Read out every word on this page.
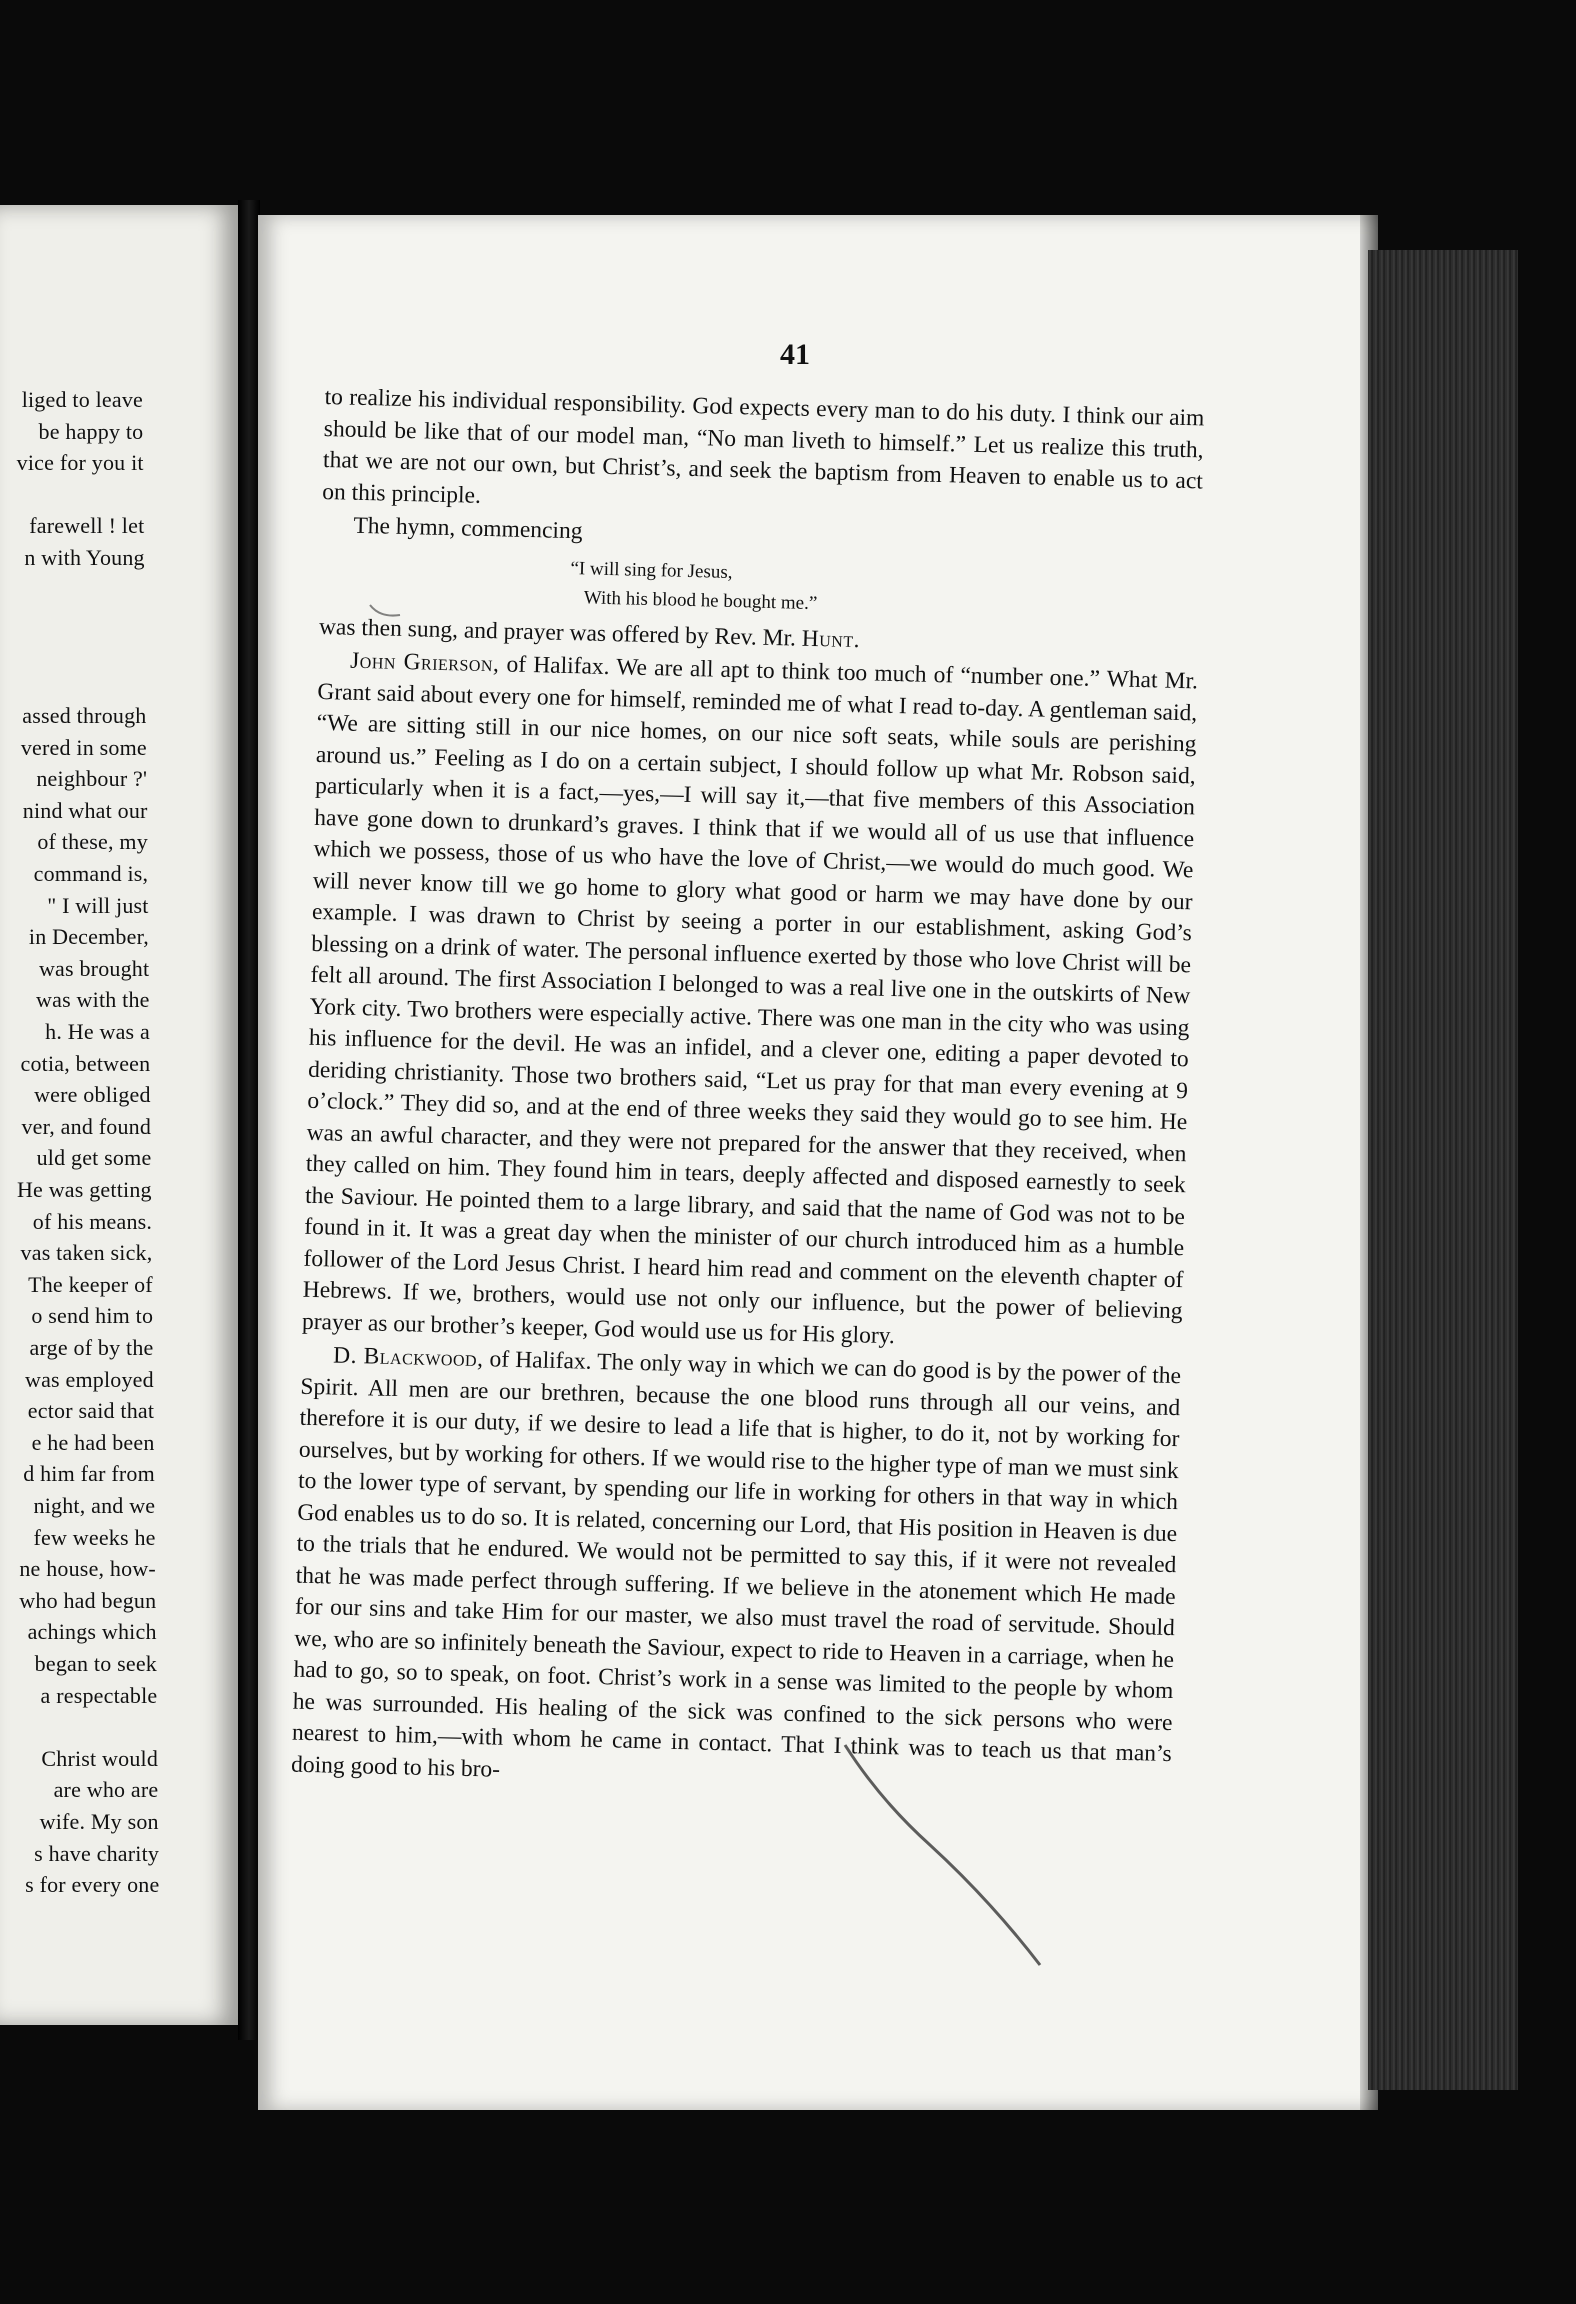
liged to leave
be happy to
vice for you it
farewell ! let
n with Young
assed through
vered in some
neighbour ?'
nind what our
of these, my
command is,
" I will just
in December,
was brought
was with the
h. He was a
cotia, between
were obliged
ver, and found
uld get some
He was getting
of his means.
vas taken sick,
The keeper of
o send him to
arge of by the
was employed
ector said that
e he had been
d him far from
night, and we
few weeks he
ne house, how-
who had begun
achings which
began to seek
a respectable
Christ would
are who are
wife. My son
s have charity
s for every one
41

to realize his individual responsibility. God expects every man to do his duty. I think our aim should be like that of our model man, “No man liveth to himself.” Let us realize this truth, that we are not our own, but Christ’s, and seek the baptism from Heaven to enable us to act on this principle.

The hymn, commencing

“I will sing for Jesus,
With his blood he bought me.”

was then sung, and prayer was offered by Rev. Mr. Hunt.

John Grierson, of Halifax. We are all apt to think too much of “number one.” What Mr. Grant said about every one for himself, reminded me of what I read to-day. A gentleman said, “We are sitting still in our nice homes, on our nice soft seats, while souls are perishing around us.” Feeling as I do on a certain subject, I should follow up what Mr. Robson said, particularly when it is a fact,—yes,—I will say it,—that five members of this Association have gone down to drunkard’s graves. I think that if we would all of us use that influence which we possess, those of us who have the love of Christ,—we would do much good. We will never know till we go home to glory what good or harm we may have done by our example. I was drawn to Christ by seeing a porter in our establishment, asking God’s blessing on a drink of water. The personal influence exerted by those who love Christ will be felt all around. The first Association I belonged to was a real live one in the outskirts of New York city. Two brothers were especially active. There was one man in the city who was using his influence for the devil. He was an infidel, and a clever one, editing a paper devoted to deriding christianity. Those two brothers said, “Let us pray for that man every evening at 9 o’clock.” They did so, and at the end of three weeks they said they would go to see him. He was an awful character, and they were not prepared for the answer that they received, when they called on him. They found him in tears, deeply affected and disposed earnestly to seek the Saviour. He pointed them to a large library, and said that the name of God was not to be found in it. It was a great day when the minister of our church introduced him as a humble follower of the Lord Jesus Christ. I heard him read and comment on the eleventh chapter of Hebrews. If we, brothers, would use not only our influence, but the power of believing prayer as our brother’s keeper, God would use us for His glory.

D. Blackwood, of Halifax. The only way in which we can do good is by the power of the Spirit. All men are our brethren, because the one blood runs through all our veins, and therefore it is our duty, if we desire to lead a life that is higher, to do it, not by working for ourselves, but by working for others. If we would rise to the higher type of man we must sink to the lower type of servant, by spending our life in working for others in that way in which God enables us to do so. It is related, concerning our Lord, that His position in Heaven is due to the trials that he endured. We would not be permitted to say this, if it were not revealed that he was made perfect through suffering. If we believe in the atonement which He made for our sins and take Him for our master, we also must travel the road of servitude. Should we, who are so infinitely beneath the Saviour, expect to ride to Heaven in a carriage, when he had to go, so to speak, on foot. Christ’s work in a sense was limited to the people by whom he was surrounded. His healing of the sick was confined to the sick persons who were nearest to him,—with whom he came in contact. That I think was to teach us that man’s doing good to his bro-
